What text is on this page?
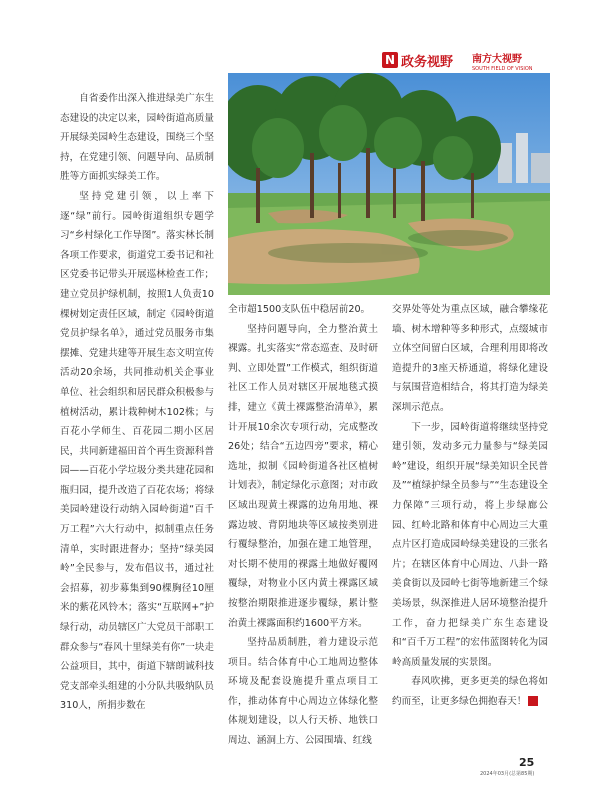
N 政务视野 南方大视野
SOUTH FIELD OF VISION

自省委作出深入推进绿美广东生态建设的决定以来，园岭街道高质量开展绿美园岭生态建设，围绕三个坚持，在党建引领、问题导向、品质制胜等方面抓实绿美工作。

坚持党建引领，以上率下逐“绿”前行。园岭街道组织专题学习“乡村绿化工作导图”。落实林长制各项工作要求，街道党工委书记和社区党委书记带头开展巡林检查工作；建立党员护绿机制，按照1人负责10棵树划定责任区域，制定《园岭街道党员护绿名单》，通过党员服务市集摆摊、党建共建等开展生态文明宣传活动20余场，共同推动机关企事业单位、社会组织和居民群众积极参与植树活动，累计栽种树木102株；与百花小学师生、百花园二期小区居民，共同新建福田首个再生资源科普园——百花小学垃圾分类共建花园和瓶归园，提升改造了百花农场；将绿美园岭建设行动纳入园岭街道“百千万工程”六大行动中，拟制重点任务清单，实时跟进督办；坚持“绿美园岭”全民参与，发布倡议书，通过社会招募，初步募集到90棵胸径10厘米的紫花风铃木；落实“互联网+”护绿行动，动员辖区广大党员干部职工群众参与“春风十里绿美有你”一块走公益项目，其中，街道下辖朗诚科技党支部牵头组建的小分队共吸纳队员310人，所捐步数在

全市超1500支队伍中稳居前20。

坚持问题导向，全力整治黄土裸露。扎实落实“常态巡查、及时研判、立即处置”工作模式，组织街道社区工作人员对辖区开展地毯式摸排，建立《黄土裸露整治清单》，累计开展10余次专项行动，完成整改26处；结合“五边四旁”要求，精心选址，拟制《园岭街道各社区植树计划表》，制定绿化示意图；对市政区域出现黄土裸露的边角用地、裸露边坡、背阴地块等区域按类别进行覆绿整治，加强在建工地管理，对长期不使用的裸露土地做好覆网覆绿，对物业小区内黄土裸露区域按整治期限推进逐步覆绿，累计整治黄土裸露面积约1600平方米。

坚持品质制胜，着力建设示范项目。结合体育中心工地周边整体环境及配套设施提升重点项目工作，推动体育中心周边立体绿化整体规划建设，以人行天桥、地铁口周边、涵洞上方、公园围墙、红线

交界处等处为重点区域，融合攀缘花墙、树木增种等多种形式，点缀城市立体空间留白区域，合理利用即将改造提升的3座天桥通道，将绿化建设与氛围营造相结合，将其打造为绿美深圳示范点。

下一步，园岭街道将继续坚持党建引领，发动多元力量参与“绿美园岭”建设，组织开展“绿美知识全民普及”“植绿护绿全员参与”“生态建设全力保障”三项行动，将上步绿廊公园、红岭北路和体育中心周边三大重点片区打造成园岭绿美建设的三张名片；在辖区体育中心周边、八卦一路美食街以及园岭七街等地新建三个绿美场景，纵深推进人居环境整治提升工作，奋力把绿美广东生态建设和“百千万工程”的宏伟蓝图转化为园岭高质量发展的实景图。

春风吹拂，更多更美的绿色将如约而至，让更多绿色拥抱春天！	N

25
2024年03月(总第85期)
